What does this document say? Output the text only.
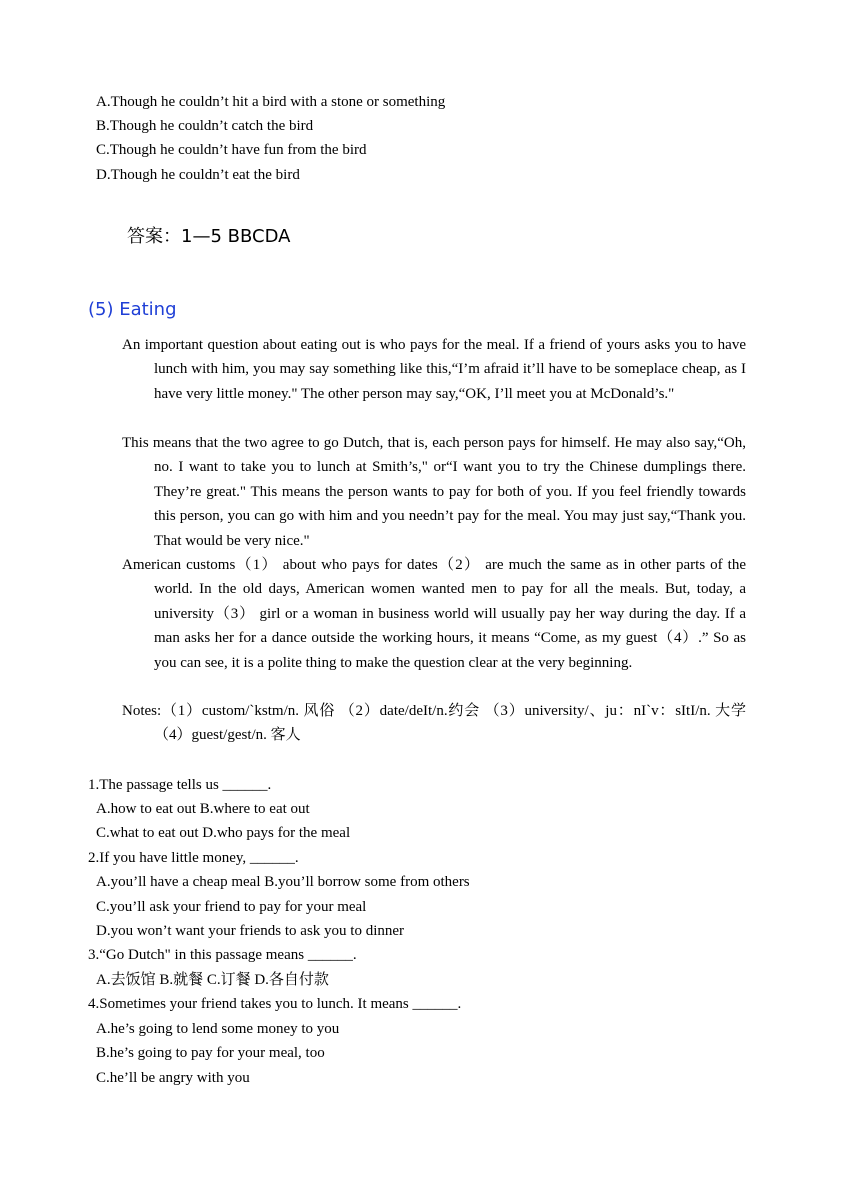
A.Though he couldn’t hit a bird with a stone or something
B.Though he couldn’t catch the bird
C.Though he couldn’t have fun from the bird
D.Though he couldn’t eat the bird
答案：1—5 BBCDA
(5) Eating
An important question about eating out is who pays for the meal. If a friend of yours asks you to have lunch with him, you may say something like this,“I’m afraid it’ll have to be someplace cheap, as I have very little money." The other person may say,“OK, I’ll meet you at McDonald’s."
This means that the two agree to go Dutch, that is, each person pays for himself. He may also say,“Oh, no. I want to take you to lunch at Smith’s," or“I want you to try the Chinese dumplings there. They’re great." This means the person wants to pay for both of you. If you feel friendly towards this person, you can go with him and you needn’t pay for the meal. You may just say,“Thank you. That would be very nice."
American customs（1） about who pays for dates（2） are much the same as in other parts of the world. In the old days, American women wanted men to pay for all the meals. But, today, a university（3） girl or a woman in business world will usually pay her way during the day. If a man asks her for a dance outside the working hours, it means “Come, as my guest（4）.” So as you can see, it is a polite thing to make the question clear at the very beginning.
Notes:（1）custom/`kstm/n. 风俗 （2）date/deIt/n.约会 （3）university/、ju：nI`v：sItI/n. 大学 （4）guest/gest/n. 客人
1.The passage tells us ______.
A.how to eat out B.where to eat out
C.what to eat out D.who pays for the meal
2.If you have little money, ______.
A.you’ll have a cheap meal B.you’ll borrow some from others
C.you’ll ask your friend to pay for your meal
D.you won’t want your friends to ask you to dinner
3.“Go Dutch" in this passage means ______.
A.去饭馆 B.就餐 C.订餐 D.各自付款
4.Sometimes your friend takes you to lunch. It means ______.
A.he’s going to lend some money to you
B.he’s going to pay for your meal, too
C.he’ll be angry with you
